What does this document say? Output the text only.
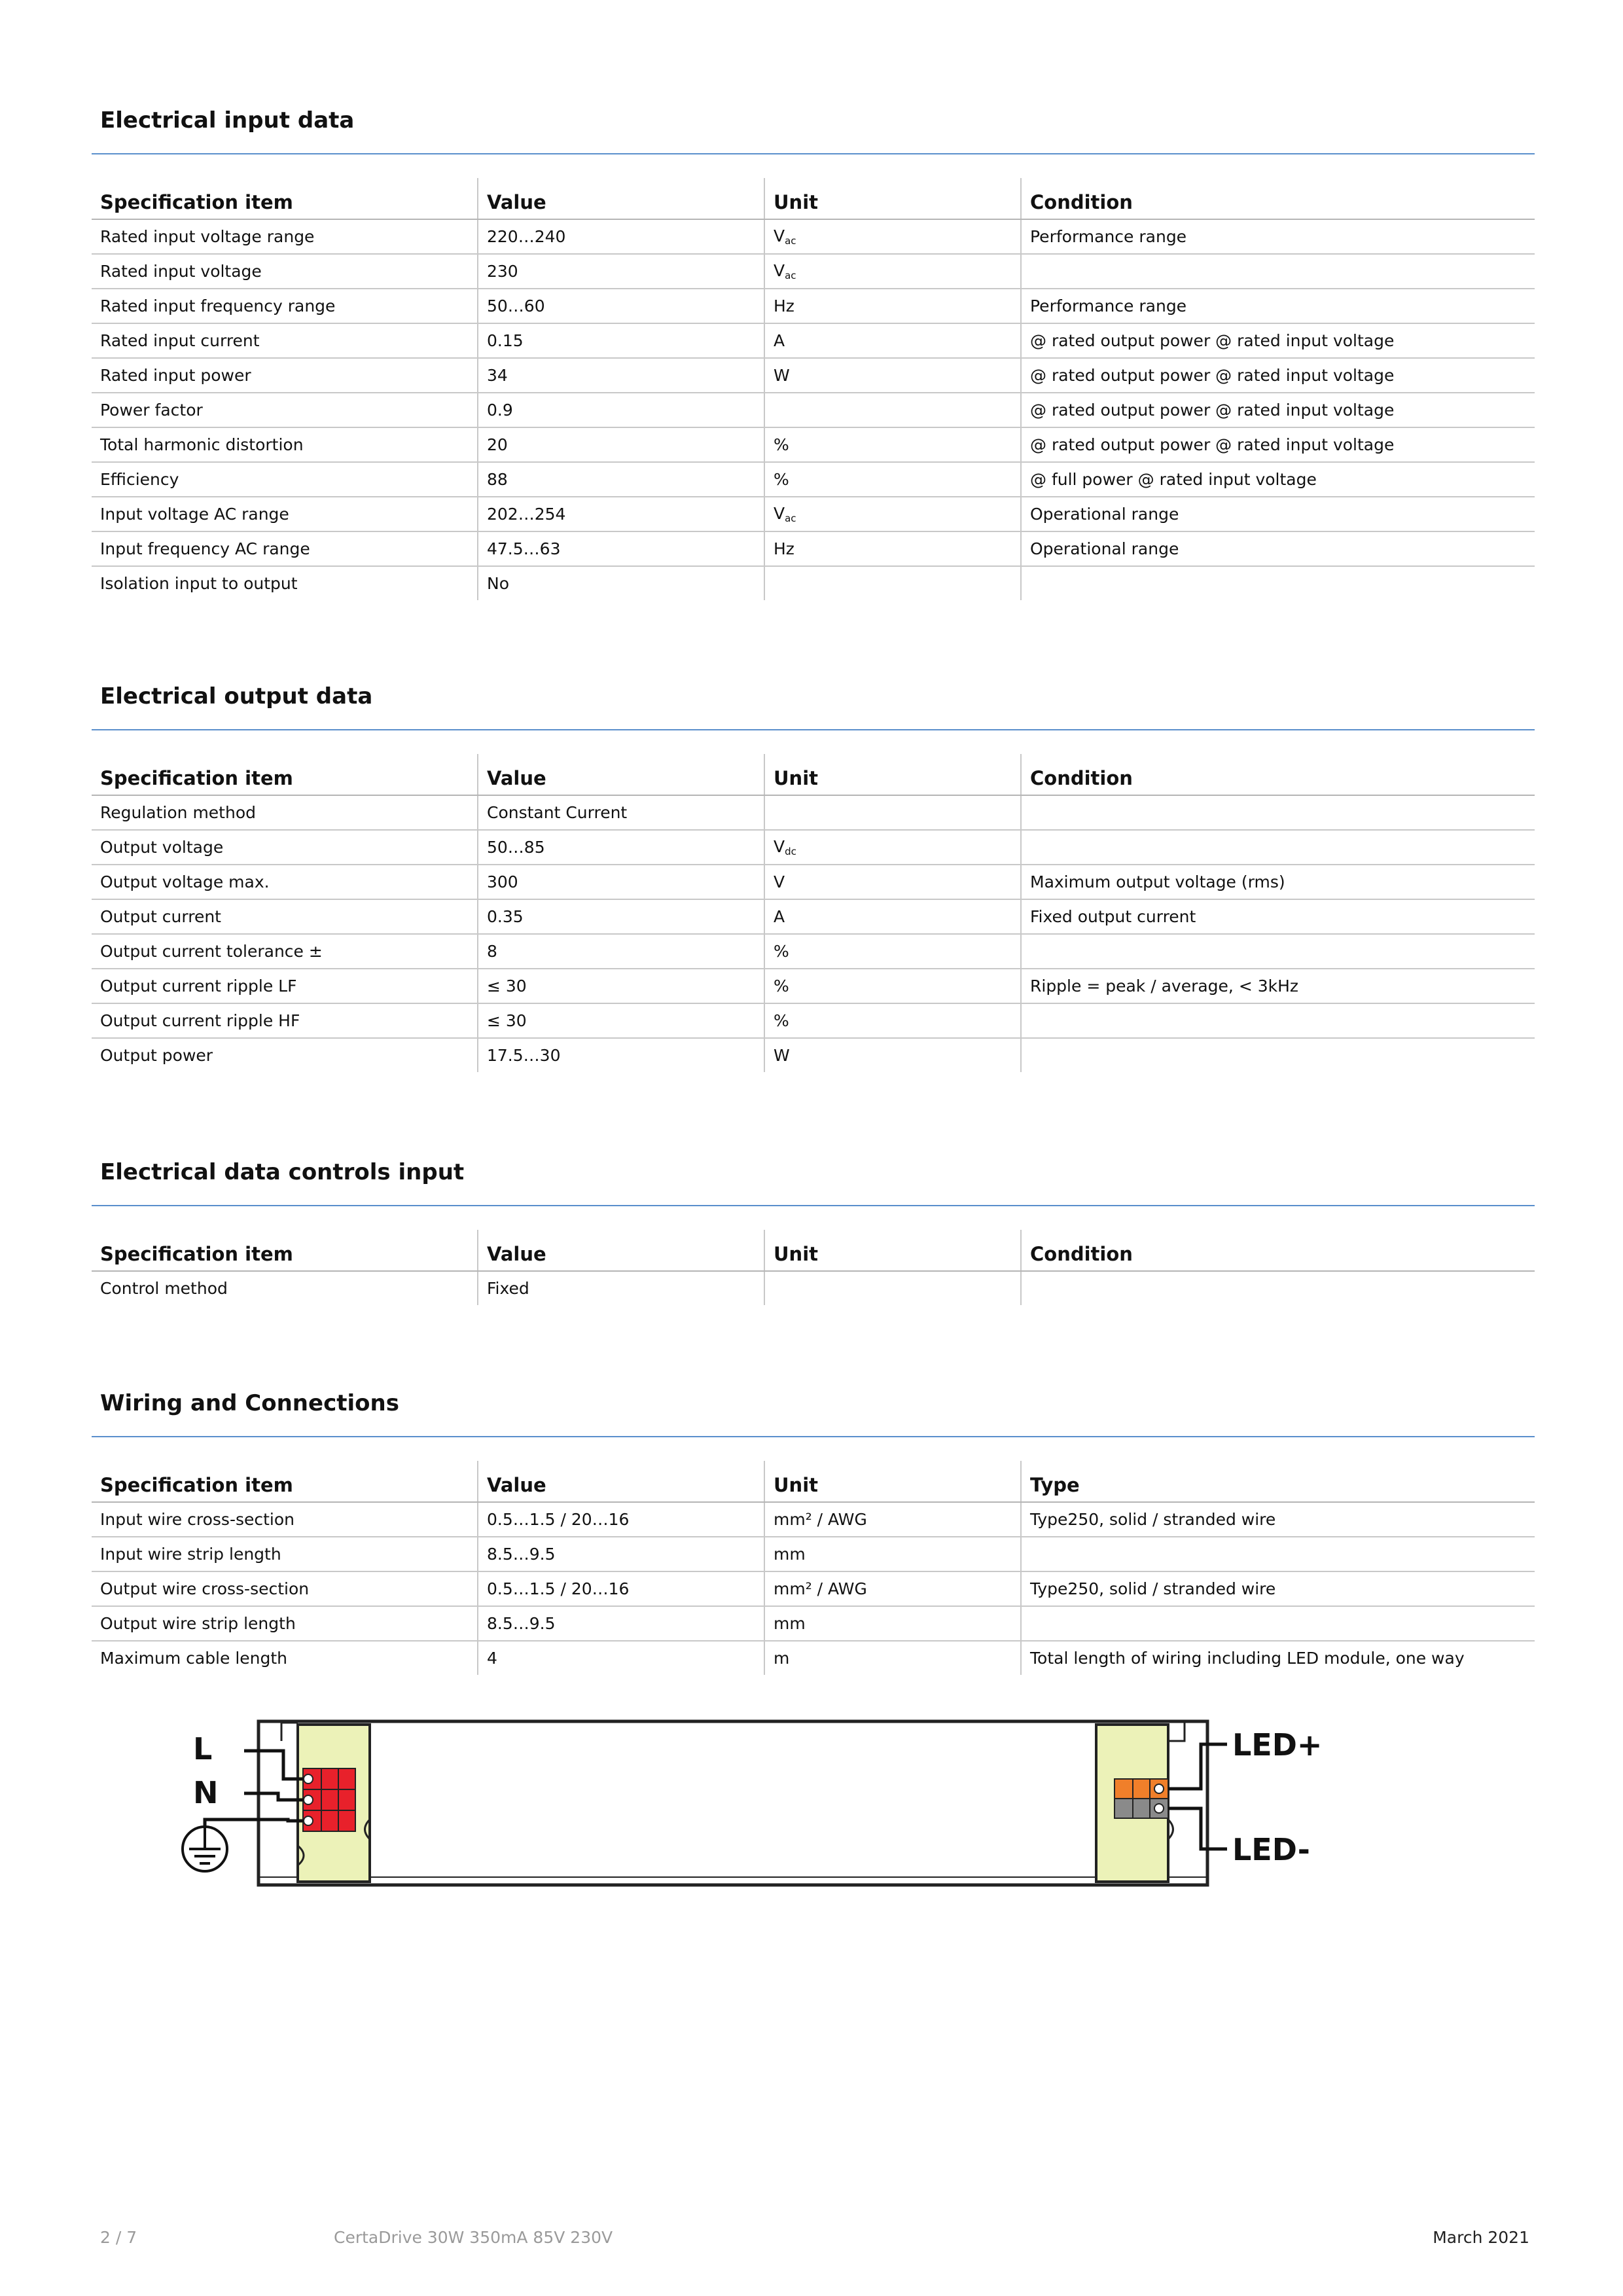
Electrical input data
Specification item	Value	Unit	Condition
Rated input voltage range	220…240	$V_{ac}$	Performance range
Rated input voltage	230	$V_{ac}$	
Rated input frequency range	50…60	Hz	Performance range
Rated input current	0.15	A	@ rated output power @ rated input voltage
Rated input power	34	W	@ rated output power @ rated input voltage
Power factor	0.9		@ rated output power @ rated input voltage
Total harmonic distortion	20	%	@ rated output power @ rated input voltage
Efficiency	88	%	@ full power @ rated input voltage
Input voltage AC range	202…254	$V_{ac}$	Operational range
Input frequency AC range	47.5…63	Hz	Operational range
Isolation input to output	No		
Electrical output data
Specification item	Value	Unit	Condition
Regulation method	Constant Current		
Output voltage	50…85	$V_{dc}$	
Output voltage max.	300	V	Maximum output voltage (rms)
Output current	0.35	A	Fixed output current
Output current tolerance ±	8	%	
Output current ripple LF	≤ 30	%	Ripple = peak / average, < 3kHz
Output current ripple HF	≤ 30	%	
Output power	17.5…30	W	
Electrical data controls input
Specification item	Value	Unit	Condition
Control method	Fixed		
Wiring and Connections
Specification item	Value	Unit	Type
Input wire cross-section	0.5…1.5 / 20…16	mm² / AWG	Type250, solid / stranded wire
Input wire strip length	8.5…9.5	mm	
Output wire cross-section	0.5…1.5 / 20…16	mm² / AWG	Type250, solid / stranded wire
Output wire strip length	8.5…9.5	mm	
Maximum cable length	4	m	Total length of wiring including LED module, one way
L
N
LED+
LED-
2 / 7	CertaDrive 30W 350mA 85V 230V	March 2021
